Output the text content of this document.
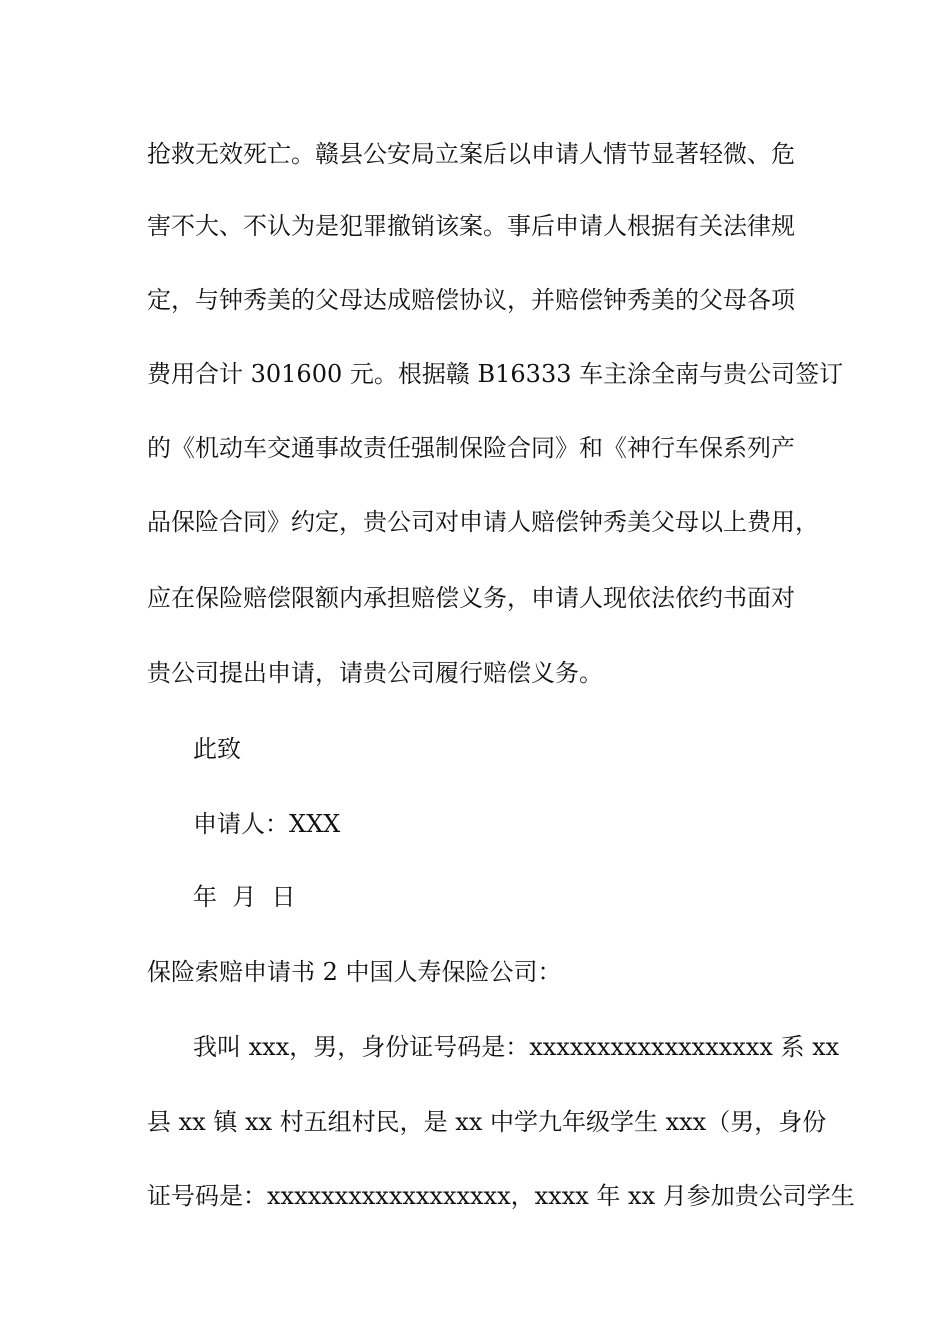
抢救无效死亡。赣县公安局立案后以申请人情节显著轻微、危
害不大、不认为是犯罪撤销该案。事后申请人根据有关法律规
定，与钟秀美的父母达成赔偿协议，并赔偿钟秀美的父母各项
费用合计 301600 元。根据赣 B16333 车主涂全南与贵公司签订
的《机动车交通事故责任强制保险合同》和《神行车保系列产
品保险合同》约定，贵公司对申请人赔偿钟秀美父母以上费用，
应在保险赔偿限额内承担赔偿义务，申请人现依法依约书面对
贵公司提出申请，请贵公司履行赔偿义务。
此致
申请人：XXX
年  月  日
保险索赔申请书 2 中国人寿保险公司：
我叫 xxx，男，身份证号码是：xxxxxxxxxxxxxxxxxx 系 xx
县 xx 镇 xx 村五组村民，是 xx 中学九年级学生 xxx（男，身份
证号码是：xxxxxxxxxxxxxxxxxx，xxxx 年 xx 月参加贵公司学生
